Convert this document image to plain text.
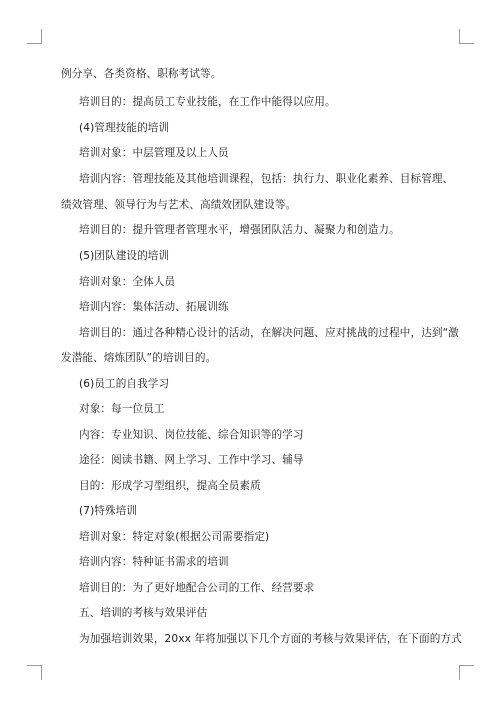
例分享、各类资格、职称考试等。
培训目的：提高员工专业技能，在工作中能得以应用。
(4)管理技能的培训
培训对象：中层管理及以上人员
培训内容：管理技能及其他培训课程，包括：执行力、职业化素养、目标管理、
绩效管理、领导行为与艺术、高绩效团队建设等。
培训目的：提升管理者管理水平，增强团队活力、凝聚力和创造力。
(5)团队建设的培训
培训对象：全体人员
培训内容：集体活动、拓展训练
培训目的：通过各种精心设计的活动，在解决问题、应对挑战的过程中，达到“激
发潜能、熔炼团队”的培训目的。
(6)员工的自我学习
对象：每一位员工
内容：专业知识、岗位技能、综合知识等的学习
途径：阅读书籍、网上学习、工作中学习、辅导
目的：形成学习型组织，提高全员素质
(7)特殊培训
培训对象：特定对象(根据公司需要指定)
培训内容：特种证书需求的培训
培训目的：为了更好地配合公司的工作、经营要求
五、培训的考核与效果评估
为加强培训效果，20xx 年将加强以下几个方面的考核与效果评估，在下面的方式
